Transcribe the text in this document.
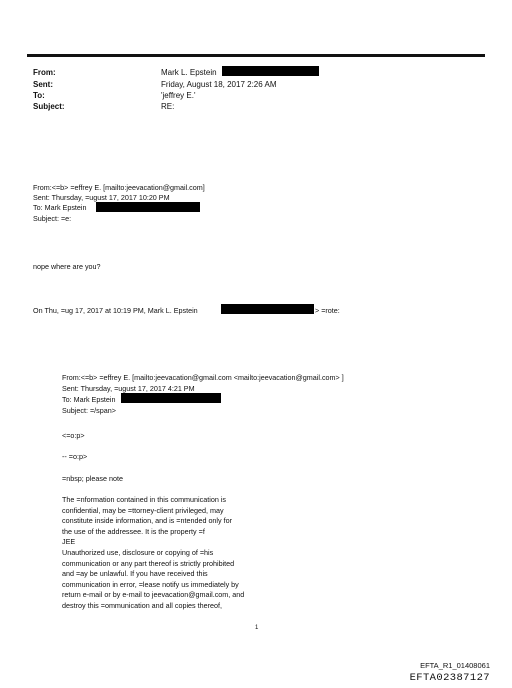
From:	Mark L. Epstein
Sent:	Friday, August 18, 2017 2:26 AM
To:	'jeffrey E.'
Subject:	RE:
From:<=b> =effrey E. [mailto:jeevacation@gmail.com]
Sent: Thursday, =ugust 17, 2017 10:20 PM
To: Mark Epstein
Subject: =e:
nope where are you?
On Thu, =ug 17, 2017 at 10:19 PM, Mark L. Epstein	> =rote:
From:<=b> =effrey E. [mailto:jeevacation@gmail.com <mailto:jeevacation@gmail.com> ]
Sent: Thursday, =ugust 17, 2017 4:21 PM
To: Mark Epstein
Subject: =/span>
<=o:p>
-- =o:p>
=nbsp; please note
The =nformation contained in this communication is
confidential, may be =ttorney-client privileged, may
constitute inside information, and is =ntended only for
the use of the addressee. It is the property =f
JEE
Unauthorized use, disclosure or copying of =his
communication or any part thereof is strictly prohibited
and =ay be unlawful. If you have received this
communication in error, =lease notify us immediately by
return e-mail or by e-mail to jeevacation@gmail.com, and
destroy this =ommunication and all copies thereof,
1
EFTA_R1_01408061
EFTA02387127
